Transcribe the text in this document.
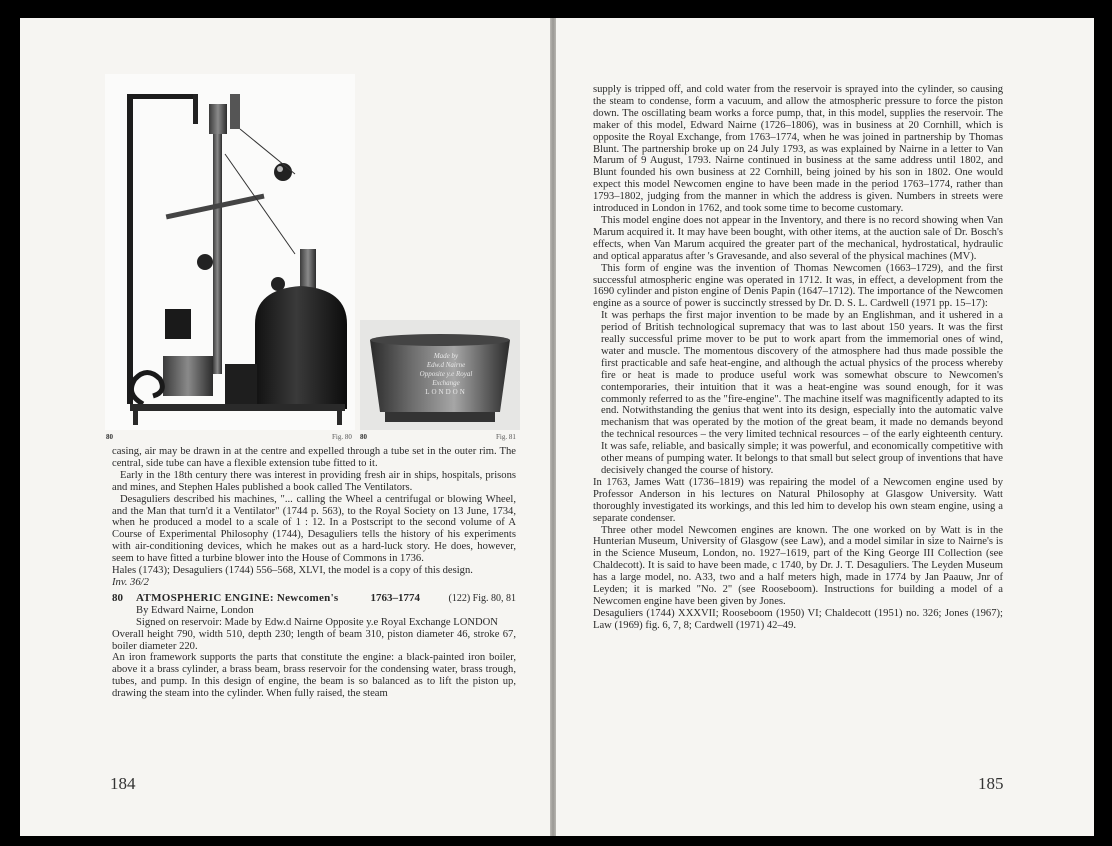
80	Fig. 80
Made by
Edw.d Nairne
Opposite y.e Royal Exchange
LONDON
80	Fig. 81

casing, air may be drawn in at the centre and expelled through a tube set in the outer rim. The central, side tube can have a flexible extension tube fitted to it.

Early in the 18th century there was interest in providing fresh air in ships, hospitals, prisons and mines, and Stephen Hales published a book called The Ventilators.

Desaguliers described his machines, "... calling the Wheel a centrifugal or blowing Wheel, and the Man that turn'd it a Ventilator" (1744 p. 563), to the Royal Society on 13 June, 1734, when he produced a model to a scale of 1 : 12. In a Postscript to the second volume of A Course of Experimental Philosophy (1744), Desaguliers tells the history of his experiments with air-conditioning devices, which he makes out as a hard-luck story. He does, however, seem to have fitted a turbine blower into the House of Commons in 1736.

Hales (1743); Desaguliers (1744) 556–568, XLVI, the model is a copy of this design.

Inv. 36/2

80	ATMOSPHERIC ENGINE: Newcomen's	1763–1774	(122) Fig. 80, 81

By Edward Nairne, London

Signed on reservoir: Made by Edw.d Nairne Opposite y.e Royal Exchange LONDON

Overall height 790, width 510, depth 230; length of beam 310, piston diameter 46, stroke 67, boiler diameter 220.

An iron framework supports the parts that constitute the engine: a black-painted iron boiler, above it a brass cylinder, a brass beam, brass reservoir for the condensing water, brass trough, tubes, and pump. In this design of engine, the beam is so balanced as to lift the piston up, drawing the steam into the cylinder. When fully raised, the steam

184

supply is tripped off, and cold water from the reservoir is sprayed into the cylinder, so causing the steam to condense, form a vacuum, and allow the atmospheric pressure to force the piston down. The oscillating beam works a force pump, that, in this model, supplies the reservoir. The maker of this model, Edward Nairne (1726–1806), was in business at 20 Cornhill, which is opposite the Royal Exchange, from 1763–1774, when he was joined in partnership by Thomas Blunt. The partnership broke up on 24 July 1793, as was explained by Nairne in a letter to Van Marum of 9 August, 1793. Nairne continued in business at the same address until 1802, and Blunt founded his own business at 22 Cornhill, being joined by his son in 1802. One would expect this model Newcomen engine to have been made in the period 1763–1774, rather than 1793–1802, judging from the manner in which the address is given. Numbers in streets were introduced in London in 1762, and took some time to become customary.

This model engine does not appear in the Inventory, and there is no record showing when Van Marum acquired it. It may have been bought, with other items, at the auction sale of Dr. Bosch's effects, when Van Marum acquired the greater part of the mechanical, hydrostatical, hydraulic and optical apparatus after 's Gravesande, and also several of the physical machines (MV).

This form of engine was the invention of Thomas Newcomen (1663–1729), and the first successful atmospheric engine was operated in 1712. It was, in effect, a development from the 1690 cylinder and piston engine of Denis Papin (1647–1712). The importance of the Newcomen engine as a source of power is succinctly stressed by Dr. D. S. L. Cardwell (1971 pp. 15–17):

It was perhaps the first major invention to be made by an Englishman, and it ushered in a period of British technological supremacy that was to last about 150 years. It was the first really successful prime mover to be put to work apart from the immemorial ones of wind, water and muscle. The momentous discovery of the atmosphere had thus made possible the first practicable and safe heat-engine, and although the actual physics of the process whereby fire or heat is made to produce useful work was somewhat obscure to Newcomen's contemporaries, their intuition that it was a heat-engine was sound enough, for it was commonly referred to as the "fire-engine". The machine itself was magnificently adapted to its end. Notwithstanding the genius that went into its design, especially into the automatic valve mechanism that was operated by the motion of the great beam, it made no demands beyond the technical resources – the very limited technical resources – of the early eighteenth century. It was safe, reliable, and basically simple; it was powerful, and economically competitive with other means of pumping water. It belongs to that small but select group of inventions that have decisively changed the course of history.

In 1763, James Watt (1736–1819) was repairing the model of a Newcomen engine used by Professor Anderson in his lectures on Natural Philosophy at Glasgow University. Watt thoroughly investigated its workings, and this led him to develop his own steam engine, using a separate condenser.

Three other model Newcomen engines are known. The one worked on by Watt is in the Hunterian Museum, University of Glasgow (see Law), and a model similar in size to Nairne's is in the Science Museum, London, no. 1927–1619, part of the King George III Collection (see Chaldecott). It is said to have been made, c 1740, by Dr. J. T. Desaguliers. The Leyden Museum has a large model, no. A33, two and a half meters high, made in 1774 by Jan Paauw, Jnr of Leyden; it is marked "No. 2" (see Rooseboom). Instructions for building a model of a Newcomen engine have been given by Jones.

Desaguliers (1744) XXXVII; Rooseboom (1950) VI; Chaldecott (1951) no. 326; Jones (1967); Law (1969) fig. 6, 7, 8; Cardwell (1971) 42–49.

185
